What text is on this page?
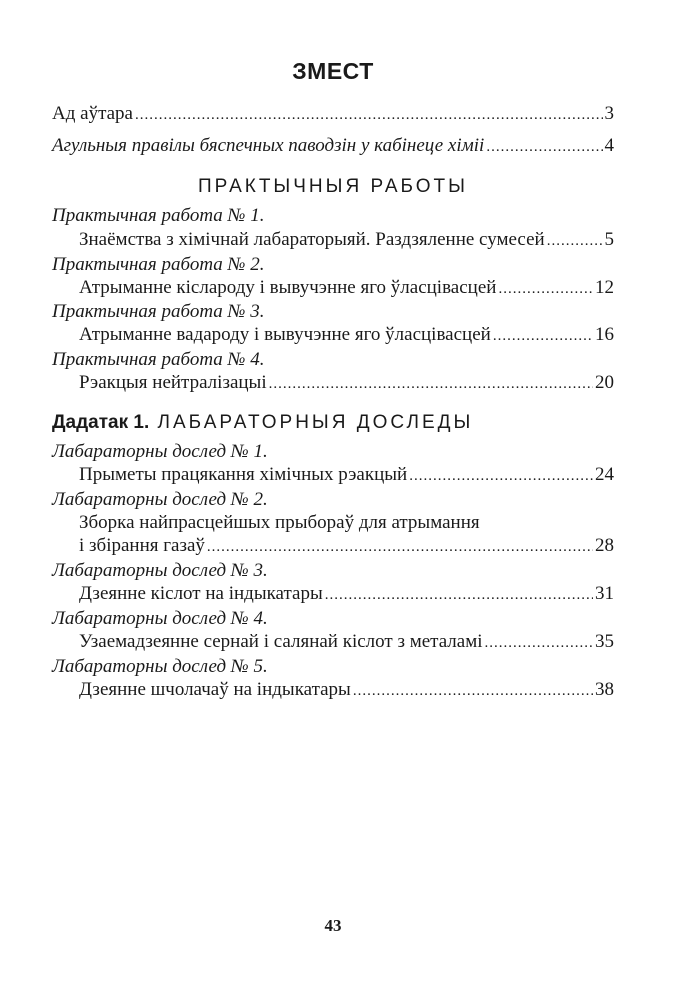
ЗМЕСТ
Ад аўтара .....	3
Агульныя правілы бяспечных паводзін у кабінеце хіміі .....	4
ПРАКТЫЧНЫЯ РАБОТЫ
Практычная работа № 1.
Знаёмства з хімічнай лабараторыяй. Раздзяленне сумесей .....	5
Практычная работа № 2.
Атрыманне кіслароду і вывучэнне яго ўласцівасцей .....	12
Практычная работа № 3.
Атрыманне вадароду і вывучэнне яго ўласцівасцей .....	16
Практычная работа № 4.
Рэакцыя нейтралізацыі .....	20
Дадатак 1. ЛАБАРАТОРНЫЯ ДОСЛЕДЫ
Лабараторны дослед № 1.
Прыметы працякання хімічных рэакцый .....	24
Лабараторны дослед № 2.
Зборка найпрасцейшых прыбораў для атрымання
і збірання газаў .....	28
Лабараторны дослед № 3.
Дзеянне кіслот на індыкатары .....	31
Лабараторны дослед № 4.
Узаемадзеянне сернай і салянай кіслот з металамі .....	35
Лабараторны дослед № 5.
Дзеянне шчолачаў на індыкатары .....	38
43
